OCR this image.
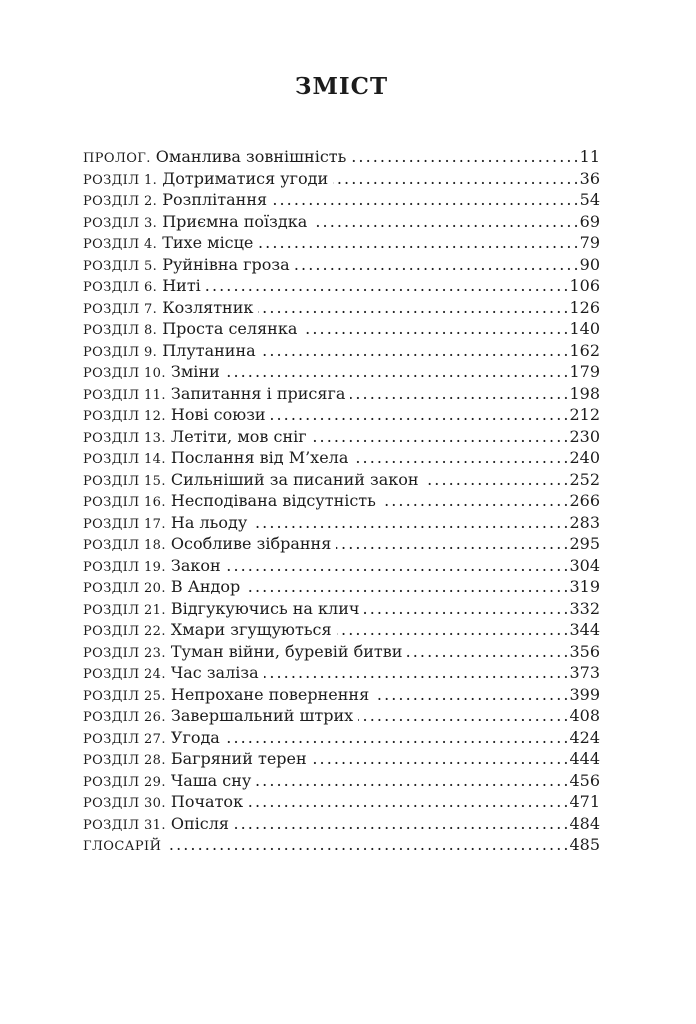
ЗМІСТ
ПРОЛОГ. Оманлива зовнішність . . .	11
РОЗДІЛ 1. Дотриматися угоди . . .	36
РОЗДІЛ 2. Розплітання . . .	54
РОЗДІЛ 3. Приємна поїздка . . .	69
РОЗДІЛ 4. Тихе місце . . .	79
РОЗДІЛ 5. Руйнівна гроза . . .	90
РОЗДІЛ 6. Ниті . . .	106
РОЗДІЛ 7. Козлятник . . .	126
РОЗДІЛ 8. Проста селянка . . .	140
РОЗДІЛ 9. Плутанина . . .	162
РОЗДІЛ 10. Зміни . . .	179
РОЗДІЛ 11. Запитання і присяга . . .	198
РОЗДІЛ 12. Нові союзи . . .	212
РОЗДІЛ 13. Летіти, мов сніг . . .	230
РОЗДІЛ 14. Послання від М’хела . . .	240
РОЗДІЛ 15. Сильніший за писаний закон . . .	252
РОЗДІЛ 16. Несподівана відсутність . . .	266
РОЗДІЛ 17. На льоду . . .	283
РОЗДІЛ 18. Особливе зібрання . . .	295
РОЗДІЛ 19. Закон . . .	304
РОЗДІЛ 20. В Андор . . .	319
РОЗДІЛ 21. Відгукуючись на клич . . .	332
РОЗДІЛ 22. Хмари згущуються . . .	344
РОЗДІЛ 23. Туман війни, буревій битви . . .	356
РОЗДІЛ 24. Час заліза . . .	373
РОЗДІЛ 25. Непрохане повернення . . .	399
РОЗДІЛ 26. Завершальний штрих . . .	408
РОЗДІЛ 27. Угода . . .	424
РОЗДІЛ 28. Багряний терен . . .	444
РОЗДІЛ 29. Чаша сну . . .	456
РОЗДІЛ 30. Початок . . .	471
РОЗДІЛ 31. Опісля . . .	484
ГЛОСАРІЙ . . .	485
